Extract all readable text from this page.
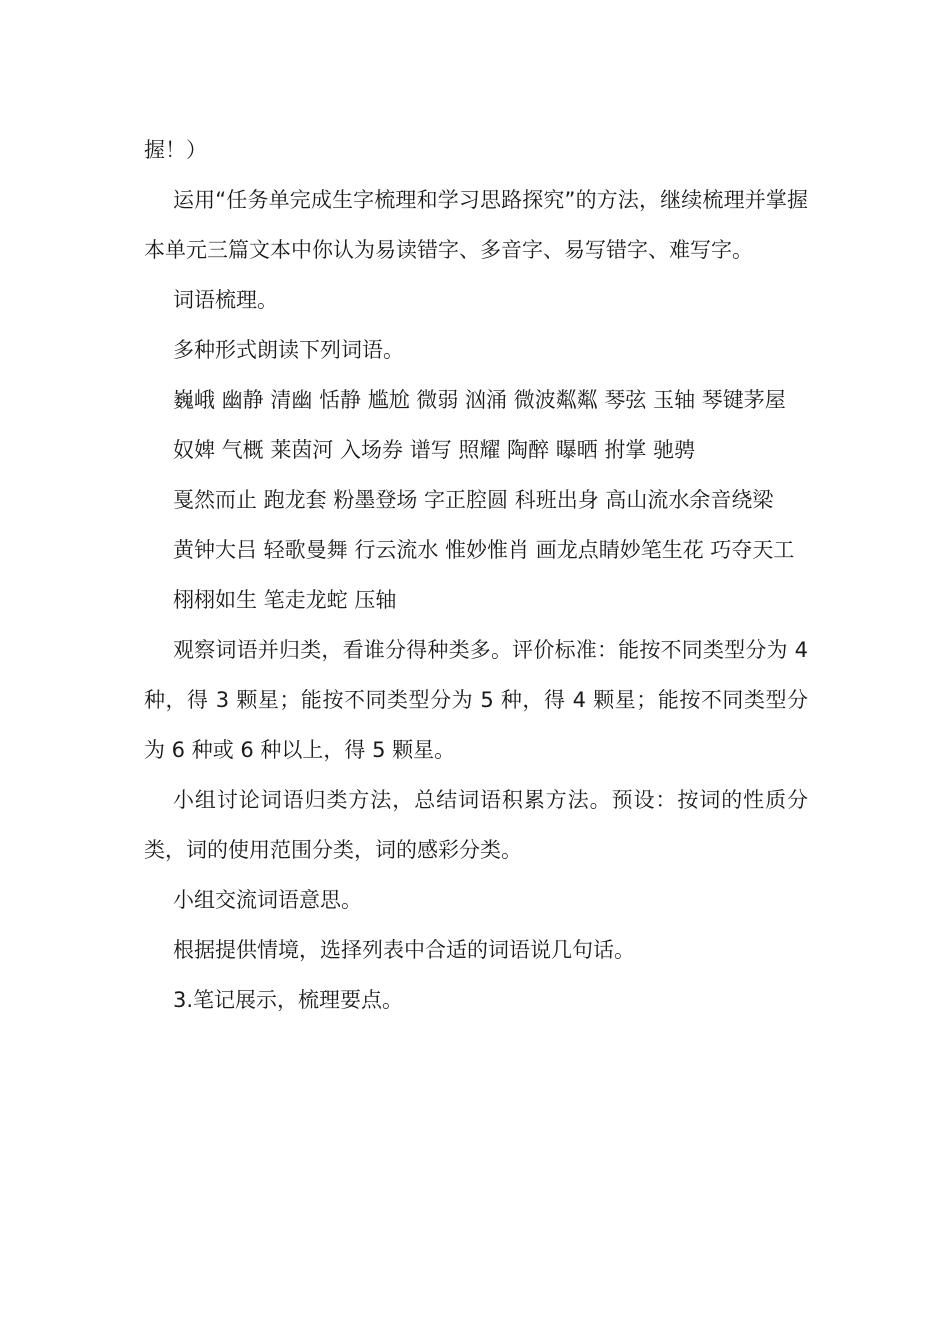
握！）

运用“任务单完成生字梳理和学习思路探究”的方法，继续梳理并掌握本单元三篇文本中你认为易读错字、多音字、易写错字、难写字。

词语梳理。

多种形式朗读下列词语。

巍峨 幽静 清幽 恬静 尴尬 微弱 汹涌 微波粼粼 琴弦 玉轴 琴键茅屋

奴婢 气概 莱茵河 入场券 谱写 照耀 陶醉 曝晒 拊掌 驰骋

戛然而止 跑龙套 粉墨登场 字正腔圆 科班出身 高山流水余音绕梁

黄钟大吕 轻歌曼舞 行云流水 惟妙惟肖 画龙点睛妙笔生花 巧夺天工

栩栩如生 笔走龙蛇 压轴

观察词语并归类，看谁分得种类多。评价标准：能按不同类型分为 4 种，得 3 颗星；能按不同类型分为 5 种，得 4 颗星；能按不同类型分为 6 种或 6 种以上，得 5 颗星。

小组讨论词语归类方法，总结词语积累方法。预设：按词的性质分类，词的使用范围分类，词的感彩分类。

小组交流词语意思。

根据提供情境，选择列表中合适的词语说几句话。

3.笔记展示，梳理要点。
